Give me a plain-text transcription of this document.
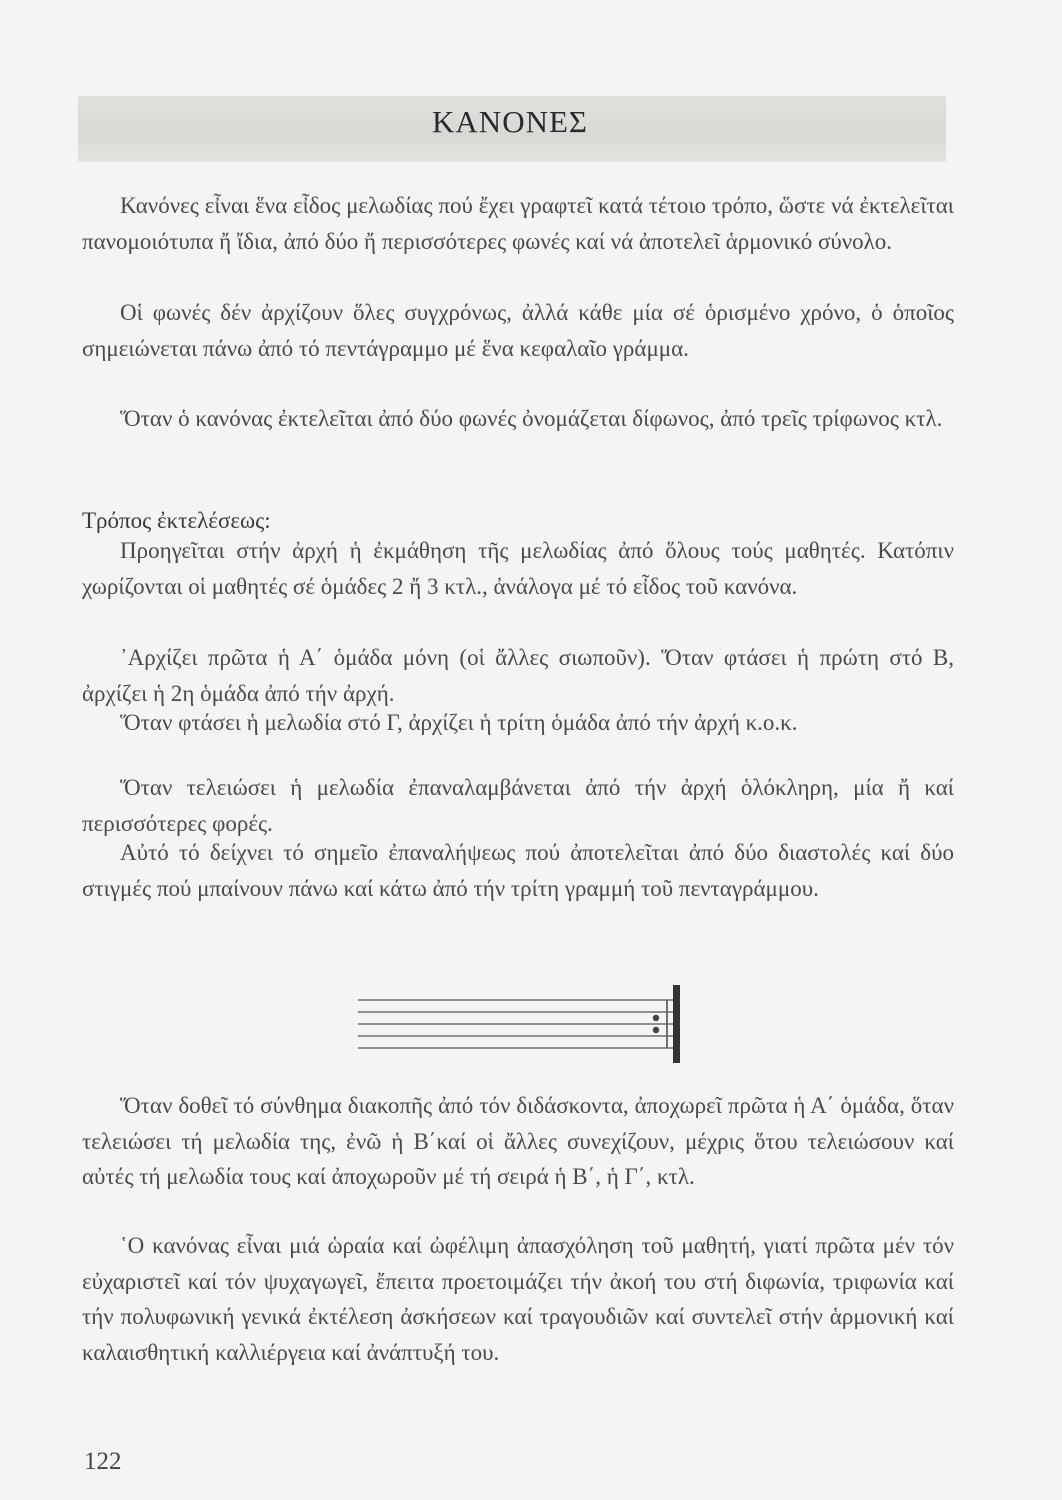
ΚΑΝΟΝΕΣ

Κανόνες εἶναι ἕνα εἶδος μελωδίας πού ἔχει γραφτεῖ κατά τέτοιο τρόπο, ὥστε νά ἐκτελεῖται πανομοιότυπα ἤ ἴδια, ἀπό δύο ἤ περισσότερες φωνές καί νά ἀποτελεῖ ἁρμονικό σύνολο.

Οἱ φωνές δέν ἀρχίζουν ὅλες συγχρόνως, ἀλλά κάθε μία σέ ὁρισμένο χρόνο, ὁ ὁποῖος σημειώνεται πάνω ἀπό τό πεντάγραμμο μέ ἕνα κεφαλαῖο γράμμα.

Ὅταν ὁ κανόνας ἐκτελεῖται ἀπό δύο φωνές ὀνομάζεται δίφωνος, ἀπό τρεῖς τρίφωνος κτλ.

Τρόπος ἐκτελέσεως:

Προηγεῖται στήν ἀρχή ἡ ἐκμάθηση τῆς μελωδίας ἀπό ὅλους τούς μαθητές. Κατόπιν χωρίζονται οἱ μαθητές σέ ὁμάδες 2 ἤ 3 κτλ., ἀνάλογα μέ τό εἶδος τοῦ κανόνα.

᾿Αρχίζει πρῶτα ἡ Α΄ ὁμάδα μόνη (οἱ ἄλλες σιωποῦν). Ὅταν φτάσει ἡ πρώτη στό Β, ἀρχίζει ἡ 2η ὁμάδα ἀπό τήν ἀρχή.

Ὅταν φτάσει ἡ μελωδία στό Γ, ἀρχίζει ἡ τρίτη ὁμάδα ἀπό τήν ἀρχή κ.ο.κ.

Ὅταν τελειώσει ἡ μελωδία ἐπαναλαμβάνεται ἀπό τήν ἀρχή ὁλόκληρη, μία ἤ καί περισσότερες φορές.

Αὐτό τό δείχνει τό σημεῖο ἐπαναλήψεως πού ἀποτελεῖται ἀπό δύο διαστολές καί δύο στιγμές πού μπαίνουν πάνω καί κάτω ἀπό τήν τρίτη γραμμή τοῦ πενταγράμμου.

Ὅταν δοθεῖ τό σύνθημα διακοπῆς ἀπό τόν διδάσκοντα, ἀποχωρεῖ πρῶτα ἡ Α΄ ὁμάδα, ὅταν τελειώσει τή μελωδία της, ἐνῶ ἡ Β΄καί οἱ ἄλλες συνεχίζουν, μέχρις ὅτου τελειώσουν καί αὐτές τή μελωδία τους καί ἀποχωροῦν μέ τή σειρά ἡ Β΄, ἡ Γ΄, κτλ.

῾Ο κανόνας εἶναι μιά ὡραία καί ὠφέλιμη ἀπασχόληση τοῦ μαθητή, γιατί πρῶτα μέν τόν εὐχαριστεῖ καί τόν ψυχαγωγεῖ, ἔπειτα προετοιμάζει τήν ἀκοή του στή διφωνία, τριφωνία καί τήν πολυφωνική γενικά ἐκτέλεση ἀσκήσεων καί τραγουδιῶν καί συντελεῖ στήν ἁρμονική καί καλαισθητική καλλιέργεια καί ἀνάπτυξή του.

122
